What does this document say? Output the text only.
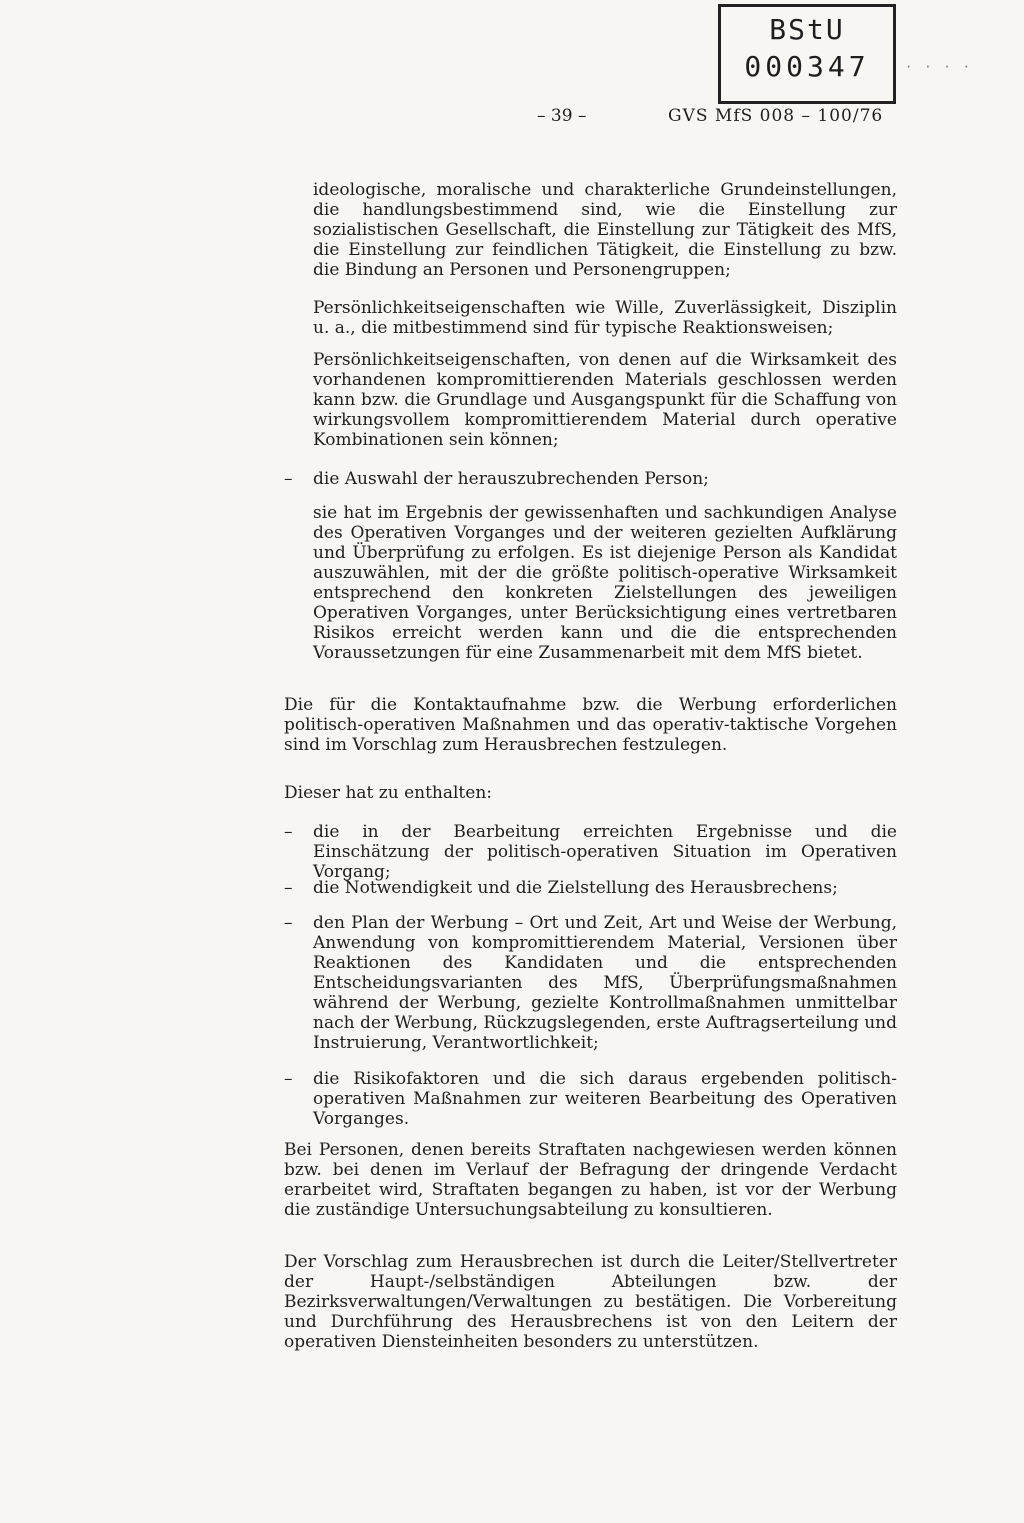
BStU
000347	····
– 39 –	GVS MfS 008 – 100/76

ideologische, moralische und charakterliche Grundeinstellungen, die handlungsbestimmend sind, wie die Einstellung zur sozialistischen Gesellschaft, die Einstellung zur Tätigkeit des MfS, die Einstellung zur feindlichen Tätigkeit, die Einstellung zu bzw. die Bindung an Personen und Personengruppen;

Persönlichkeitseigenschaften wie Wille, Zuverlässigkeit, Disziplin u. a., die mitbestimmend sind für typische Reaktionsweisen;

Persönlichkeitseigenschaften, von denen auf die Wirksamkeit des vorhandenen kompromittierenden Materials geschlossen werden kann bzw. die Grundlage und Ausgangspunkt für die Schaffung von wirkungsvollem kompromittierendem Material durch operative Kombinationen sein können;

– die Auswahl der herauszubrechenden Person;

sie hat im Ergebnis der gewissenhaften und sachkundigen Analyse des Operativen Vorganges und der weiteren gezielten Aufklärung und Überprüfung zu erfolgen. Es ist diejenige Person als Kandidat auszuwählen, mit der die größte politisch-operative Wirksamkeit entsprechend den konkreten Zielstellungen des jeweiligen Operativen Vorganges, unter Berücksichtigung eines vertretbaren Risikos erreicht werden kann und die die entsprechenden Voraussetzungen für eine Zusammenarbeit mit dem MfS bietet.

Die für die Kontaktaufnahme bzw. die Werbung erforderlichen politisch-operativen Maßnahmen und das operativ-taktische Vorgehen sind im Vorschlag zum Herausbrechen festzulegen.

Dieser hat zu enthalten:

– die in der Bearbeitung erreichten Ergebnisse und die Einschätzung der politisch-operativen Situation im Operativen Vorgang;

– die Notwendigkeit und die Zielstellung des Herausbrechens;

– den Plan der Werbung – Ort und Zeit, Art und Weise der Werbung, Anwendung von kompromittierendem Material, Versionen über Reaktionen des Kandidaten und die entsprechenden Entscheidungsvarianten des MfS, Überprüfungsmaßnahmen während der Werbung, gezielte Kontrollmaßnahmen unmittelbar nach der Werbung, Rückzugslegenden, erste Auftragserteilung und Instruierung, Verantwortlichkeit;

– die Risikofaktoren und die sich daraus ergebenden politisch-operativen Maßnahmen zur weiteren Bearbeitung des Operativen Vorganges.

Bei Personen, denen bereits Straftaten nachgewiesen werden können bzw. bei denen im Verlauf der Befragung der dringende Verdacht erarbeitet wird, Straftaten begangen zu haben, ist vor der Werbung die zuständige Untersuchungsabteilung zu konsultieren.

Der Vorschlag zum Herausbrechen ist durch die Leiter/Stellvertreter der Haupt-/selbständigen Abteilungen bzw. der Bezirksverwaltungen/Verwaltungen zu bestätigen. Die Vorbereitung und Durchführung des Herausbrechens ist von den Leitern der operativen Diensteinheiten besonders zu unterstützen.
